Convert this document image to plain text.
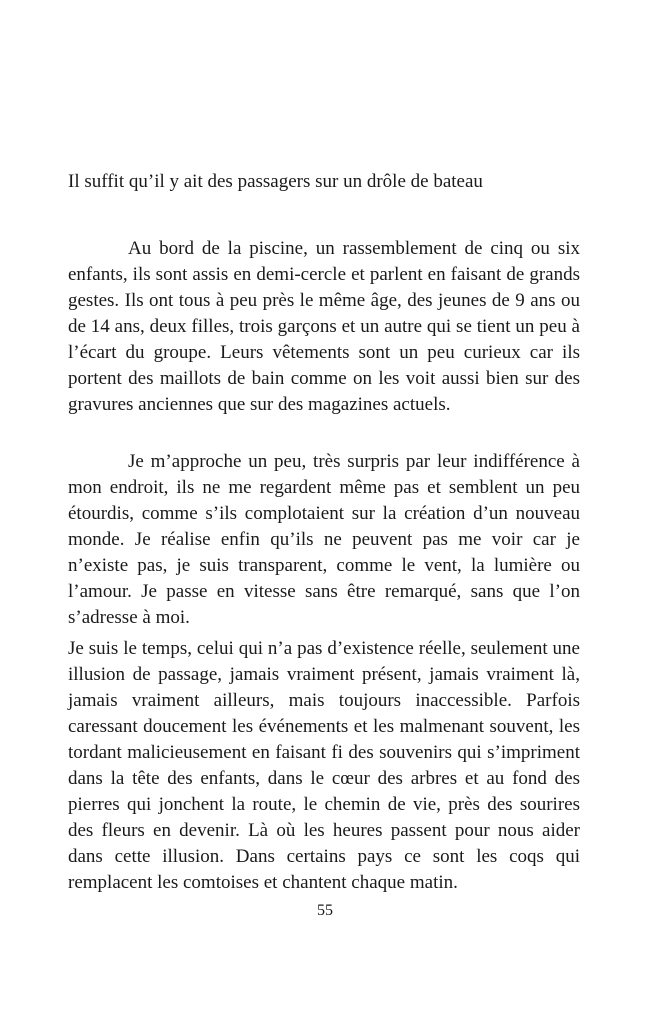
Il suffit qu’il y ait des passagers sur un drôle de bateau

Au bord de la piscine, un rassemblement de cinq ou six enfants, ils sont assis en demi-cercle et parlent en faisant de grands gestes. Ils ont tous à peu près le même âge, des jeunes de 9 ans ou de 14 ans, deux filles, trois garçons et un autre qui se tient un peu à l’écart du groupe. Leurs vêtements sont un peu curieux car ils portent des maillots de bain comme on les voit aussi bien sur des gravures anciennes que sur des magazines actuels.

Je m’approche un peu, très surpris par leur indifférence à mon endroit, ils ne me regardent même pas et semblent un peu étourdis, comme s’ils complotaient sur la création d’un nouveau monde. Je réalise enfin qu’ils ne peuvent pas me voir car je n’existe pas, je suis transparent, comme le vent, la lumière ou l’amour. Je passe en vitesse sans être remarqué, sans que l’on s’adresse à moi.

Je suis le temps, celui qui n’a pas d’existence réelle, seulement une illusion de passage, jamais vraiment présent, jamais vraiment là, jamais vraiment ailleurs, mais toujours inaccessible. Parfois caressant doucement les événements et les malmenant souvent, les tordant malicieusement en faisant fi des souvenirs qui s’impriment dans la tête des enfants, dans le cœur des arbres et au fond des pierres qui jonchent la route, le chemin de vie, près des sourires des fleurs en devenir. Là où les heures passent pour nous aider dans cette illusion. Dans certains pays ce sont les coqs qui remplacent les comtoises et chantent chaque matin.

55
